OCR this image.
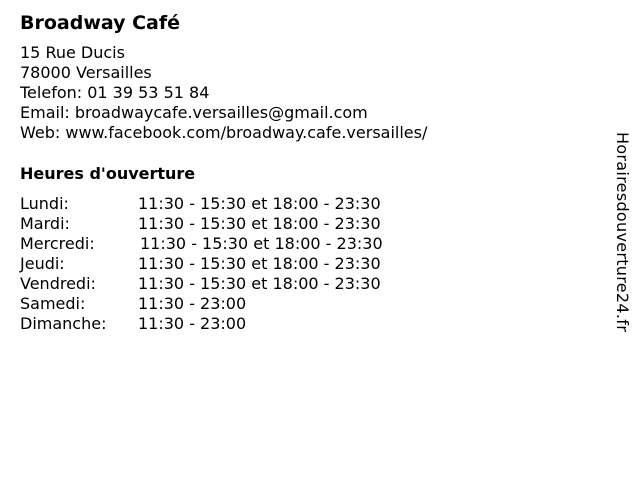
Broadway Café
15 Rue Ducis
78000 Versailles
Telefon: 01 39 53 51 84
Email: broadwaycafe.versailles@gmail.com
Web: www.facebook.com/broadway.cafe.versailles/
Heures d'ouverture
Lundi:	11:30 - 15:30 et 18:00 - 23:30
Mardi:	11:30 - 15:30 et 18:00 - 23:30
Mercredi:	11:30 - 15:30 et 18:00 - 23:30
Jeudi:	11:30 - 15:30 et 18:00 - 23:30
Vendredi:	11:30 - 15:30 et 18:00 - 23:30
Samedi:	11:30 - 23:00
Dimanche:	11:30 - 23:00	Horairesdouverture24.fr
